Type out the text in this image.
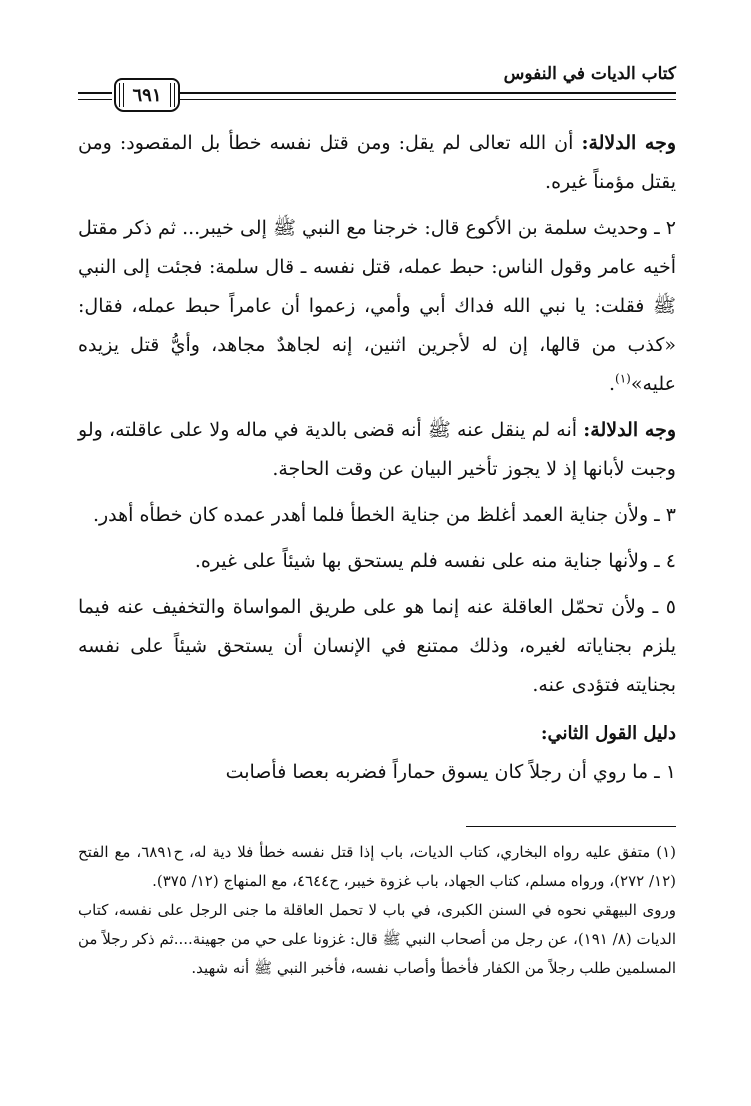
كتاب الديات في النفوس
٦٩١

وجه الدلالة: أن الله تعالى لم يقل: ومن قتل نفسه خطأ بل المقصود: ومن يقتل مؤمناً غيره.

٢ ـ وحديث سلمة بن الأكوع قال: خرجنا مع النبي ﷺ إلى خيبر... ثم ذكر مقتل أخيه عامر وقول الناس: حبط عمله، قتل نفسه ـ قال سلمة: فجئت إلى النبي ﷺ فقلت: يا نبي الله فداك أبي وأمي، زعموا أن عامراً حبط عمله، فقال: «كذب من قالها، إن له لأجرين اثنين، إنه لجاهدٌ مجاهد، وأيُّ قتل يزيده عليه»$^{(١)}$.

وجه الدلالة: أنه لم ينقل عنه ﷺ أنه قضى بالدية في ماله ولا على عاقلته، ولو وجبت لأبانها إذ لا يجوز تأخير البيان عن وقت الحاجة.

٣ ـ ولأن جناية العمد أغلظ من جناية الخطأ فلما أهدر عمده كان خطأه أهدر.

٤ ـ ولأنها جناية منه على نفسه فلم يستحق بها شيئاً على غيره.

٥ ـ ولأن تحمّل العاقلة عنه إنما هو على طريق المواساة والتخفيف عنه فيما يلزم بجناياته لغيره، وذلك ممتنع في الإنسان أن يستحق شيئاً على نفسه بجنايته فتؤدى عنه.

دليل القول الثاني:

١ ـ ما روي أن رجلاً كان يسوق حماراً فضربه بعصا فأصابت

(١) متفق عليه رواه البخاري، كتاب الديات، باب إذا قتل نفسه خطأ فلا دية له، ح٦٨٩١، مع الفتح (١٢/ ٢٧٢)، ورواه مسلم، كتاب الجهاد، باب غزوة خيبر، ح٤٦٤٤، مع المنهاج (١٢/ ٣٧٥).

وروى البيهقي نحوه في السنن الكبرى، في باب لا تحمل العاقلة ما جنى الرجل على نفسه، كتاب الديات (٨/ ١٩١)، عن رجل من أصحاب النبي ﷺ قال: غزونا على حي من جهينة....ثم ذكر رجلاً من المسلمين طلب رجلاً من الكفار فأخطأ وأصاب نفسه، فأخبر النبي ﷺ أنه شهيد.
